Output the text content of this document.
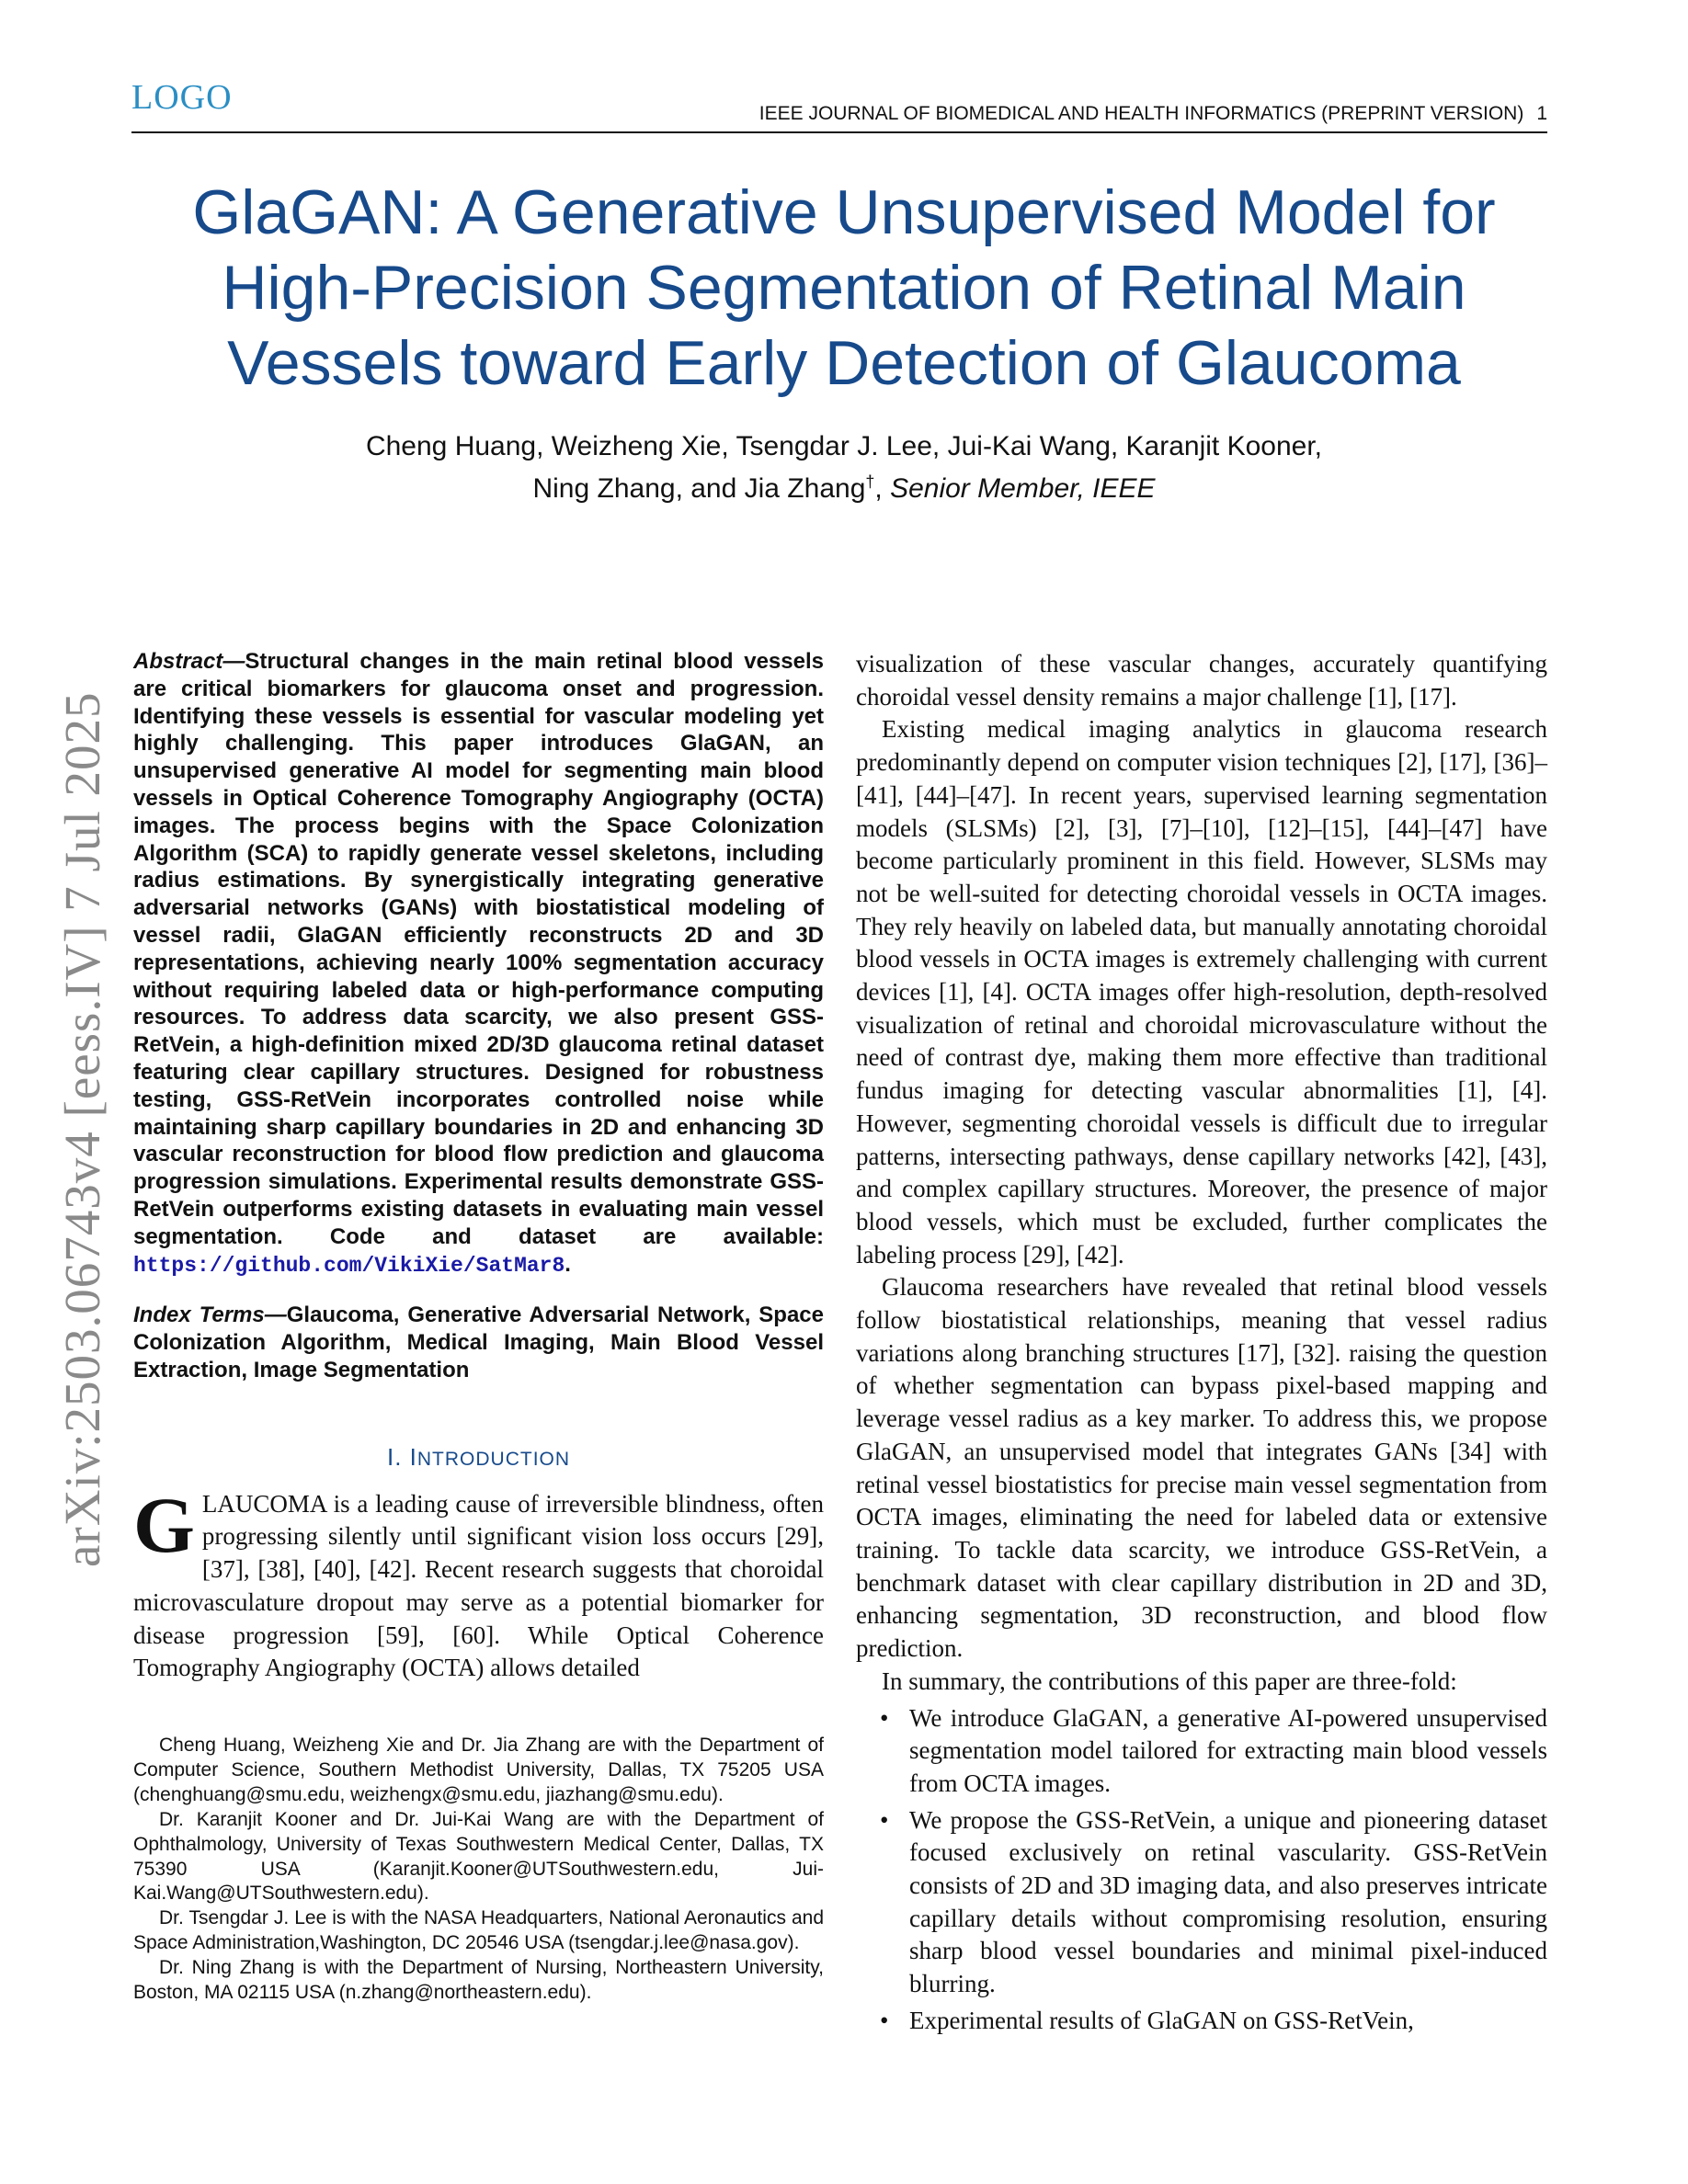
LOGO	IEEE JOURNAL OF BIOMEDICAL AND HEALTH INFORMATICS (PREPRINT VERSION) 1
GlaGAN: A Generative Unsupervised Model for High-Precision Segmentation of Retinal Main Vessels toward Early Detection of Glaucoma
Cheng Huang, Weizheng Xie, Tsengdar J. Lee, Jui-Kai Wang, Karanjit Kooner,
Ning Zhang, and Jia Zhang†, Senior Member, IEEE
arXiv:2503.06743v4 [eess.IV] 7 Jul 2025

Abstract—Structural changes in the main retinal blood vessels are critical biomarkers for glaucoma onset and progression. Identifying these vessels is essential for vascular modeling yet highly challenging. This paper introduces GlaGAN, an unsupervised generative AI model for segmenting main blood vessels in Optical Coherence Tomography Angiography (OCTA) images. The process begins with the Space Colonization Algorithm (SCA) to rapidly generate vessel skeletons, including radius estimations. By synergistically integrating generative adversarial networks (GANs) with biostatistical modeling of vessel radii, GlaGAN efficiently reconstructs 2D and 3D representations, achieving nearly 100% segmentation accuracy without requiring labeled data or high-performance computing resources. To address data scarcity, we also present GSS-RetVein, a high-definition mixed 2D/3D glaucoma retinal dataset featuring clear capillary structures. Designed for robustness testing, GSS-RetVein incorporates controlled noise while maintaining sharp capillary boundaries in 2D and enhancing 3D vascular reconstruction for blood flow prediction and glaucoma progression simulations. Experimental results demonstrate GSS-RetVein outperforms existing datasets in evaluating main vessel segmentation. Code and dataset are available: https://github.com/VikiXie/SatMar8.

Index Terms—Glaucoma, Generative Adversarial Network, Space Colonization Algorithm, Medical Imaging, Main Blood Vessel Extraction, Image Segmentation

I. INTRODUCTION

GLAUCOMA is a leading cause of irreversible blindness, often progressing silently until significant vision loss occurs [29], [37], [38], [40], [42]. Recent research suggests that choroidal microvasculature dropout may serve as a potential biomarker for disease progression [59], [60]. While Optical Coherence Tomography Angiography (OCTA) allows detailed

Cheng Huang, Weizheng Xie and Dr. Jia Zhang are with the Department of Computer Science, Southern Methodist University, Dallas, TX 75205 USA (chenghuang@smu.edu, weizhengx@smu.edu, jiazhang@smu.edu).

Dr. Karanjit Kooner and Dr. Jui-Kai Wang are with the Department of Ophthalmology, University of Texas Southwestern Medical Center, Dallas, TX 75390 USA (Karanjit.Kooner@UTSouthwestern.edu, Jui-Kai.Wang@UTSouthwestern.edu).

Dr. Tsengdar J. Lee is with the NASA Headquarters, National Aeronautics and Space Administration,Washington, DC 20546 USA (tsengdar.j.lee@nasa.gov).

Dr. Ning Zhang is with the Department of Nursing, Northeastern University, Boston, MA 02115 USA (n.zhang@northeastern.edu).

visualization of these vascular changes, accurately quantifying choroidal vessel density remains a major challenge [1], [17].

Existing medical imaging analytics in glaucoma research predominantly depend on computer vision techniques [2], [17], [36]–[41], [44]–[47]. In recent years, supervised learning segmentation models (SLSMs) [2], [3], [7]–[10], [12]–[15], [44]–[47] have become particularly prominent in this field. However, SLSMs may not be well-suited for detecting choroidal vessels in OCTA images. They rely heavily on labeled data, but manually annotating choroidal blood vessels in OCTA images is extremely challenging with current devices [1], [4]. OCTA images offer high-resolution, depth-resolved visualization of retinal and choroidal microvasculature without the need of contrast dye, making them more effective than traditional fundus imaging for detecting vascular abnormalities [1], [4]. However, segmenting choroidal vessels is difficult due to irregular patterns, intersecting pathways, dense capillary networks [42], [43], and complex capillary structures. Moreover, the presence of major blood vessels, which must be excluded, further complicates the labeling process [29], [42].

Glaucoma researchers have revealed that retinal blood vessels follow biostatistical relationships, meaning that vessel radius variations along branching structures [17], [32]. raising the question of whether segmentation can bypass pixel-based mapping and leverage vessel radius as a key marker. To address this, we propose GlaGAN, an unsupervised model that integrates GANs [34] with retinal vessel biostatistics for precise main vessel segmentation from OCTA images, eliminating the need for labeled data or extensive training. To tackle data scarcity, we introduce GSS-RetVein, a benchmark dataset with clear capillary distribution in 2D and 3D, enhancing segmentation, 3D reconstruction, and blood flow prediction.

In summary, the contributions of this paper are three-fold:

• We introduce GlaGAN, a generative AI-powered unsupervised segmentation model tailored for extracting main blood vessels from OCTA images.
• We propose the GSS-RetVein, a unique and pioneering dataset focused exclusively on retinal vascularity. GSS-RetVein consists of 2D and 3D imaging data, and also preserves intricate capillary details without compromising resolution, ensuring sharp blood vessel boundaries and minimal pixel-induced blurring.
• Experimental results of GlaGAN on GSS-RetVein,
